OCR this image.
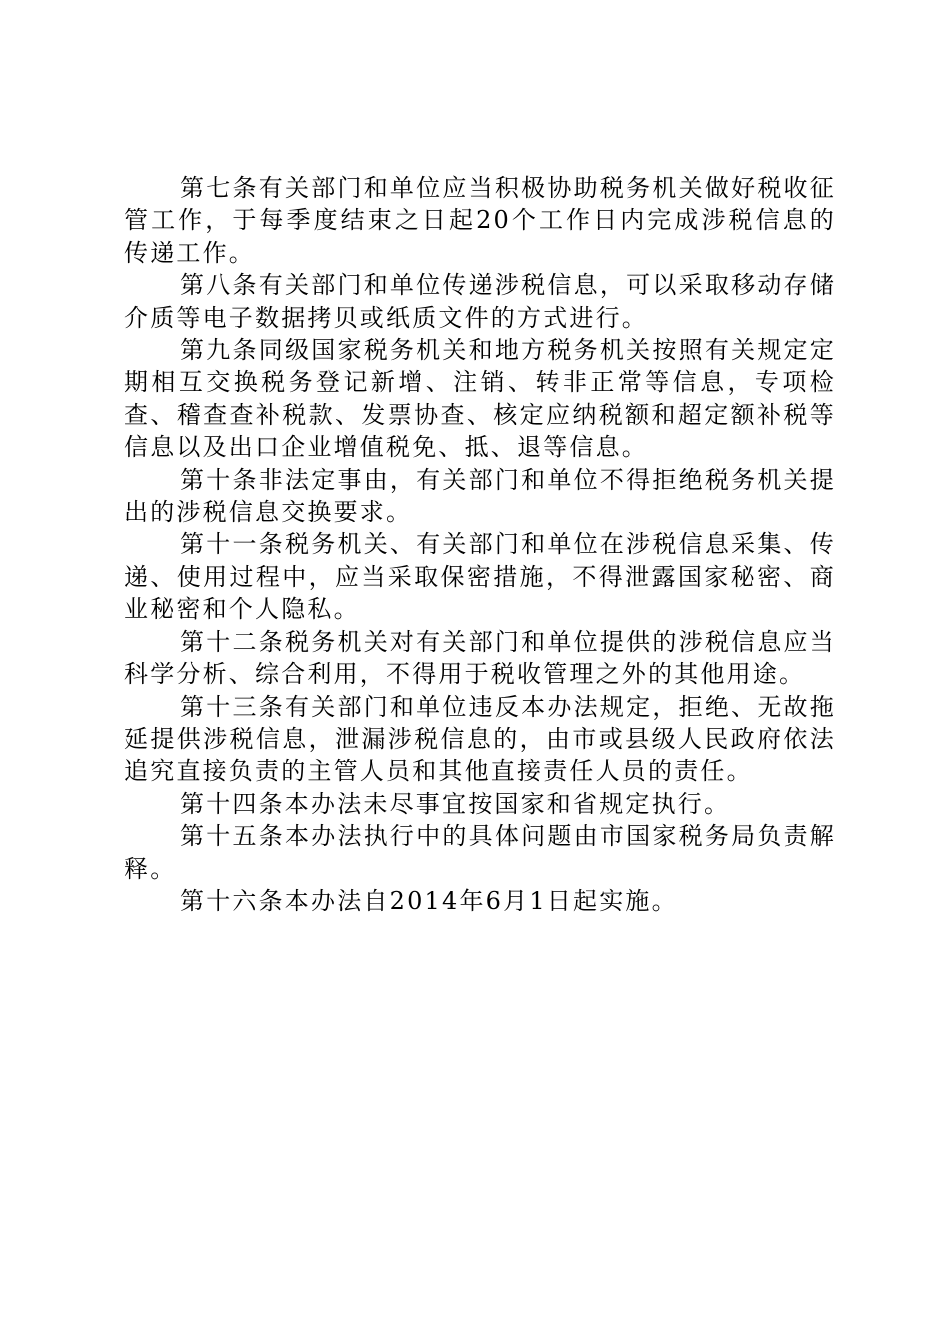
第七条有关部门和单位应当积极协助税务机关做好税收征管工作，于每季度结束之日起20个工作日内完成涉税信息的传递工作。

第八条有关部门和单位传递涉税信息，可以采取移动存储介质等电子数据拷贝或纸质文件的方式进行。

第九条同级国家税务机关和地方税务机关按照有关规定定期相互交换税务登记新增、注销、转非正常等信息，专项检查、稽查查补税款、发票协查、核定应纳税额和超定额补税等信息以及出口企业增值税免、抵、退等信息。

第十条非法定事由，有关部门和单位不得拒绝税务机关提出的涉税信息交换要求。

第十一条税务机关、有关部门和单位在涉税信息采集、传递、使用过程中，应当采取保密措施，不得泄露国家秘密、商业秘密和个人隐私。

第十二条税务机关对有关部门和单位提供的涉税信息应当科学分析、综合利用，不得用于税收管理之外的其他用途。

第十三条有关部门和单位违反本办法规定，拒绝、无故拖延提供涉税信息，泄漏涉税信息的，由市或县级人民政府依法追究直接负责的主管人员和其他直接责任人员的责任。

第十四条本办法未尽事宜按国家和省规定执行。

第十五条本办法执行中的具体问题由市国家税务局负责解释。

第十六条本办法自2014年6月1日起实施。
